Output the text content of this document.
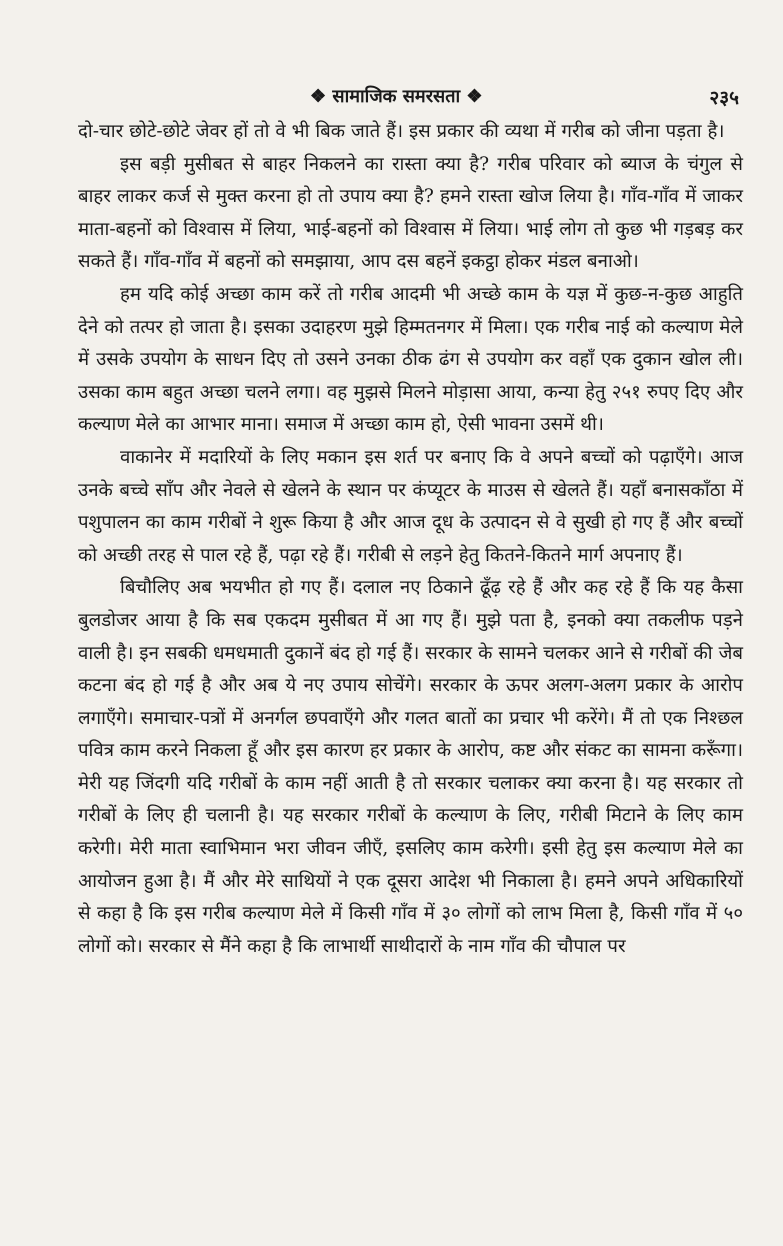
❖ सामाजिक समरसता ❖	२३५

दो-चार छोटे-छोटे जेवर हों तो वे भी बिक जाते हैं। इस प्रकार की व्यथा में गरीब को जीना पड़ता है।

इस बड़ी मुसीबत से बाहर निकलने का रास्ता क्या है? गरीब परिवार को ब्याज के चंगुल से बाहर लाकर कर्ज से मुक्त करना हो तो उपाय क्या है? हमने रास्ता खोज लिया है। गाँव-गाँव में जाकर माता-बहनों को विश्वास में लिया, भाई-बहनों को विश्वास में लिया। भाई लोग तो कुछ भी गड़बड़ कर सकते हैं। गाँव-गाँव में बहनों को समझाया, आप दस बहनें इकट्ठा होकर मंडल बनाओ।

हम यदि कोई अच्छा काम करें तो गरीब आदमी भी अच्छे काम के यज्ञ में कुछ-न-कुछ आहुति देने को तत्पर हो जाता है। इसका उदाहरण मुझे हिम्मतनगर में मिला। एक गरीब नाई को कल्याण मेले में उसके उपयोग के साधन दिए तो उसने उनका ठीक ढंग से उपयोग कर वहाँ एक दुकान खोल ली। उसका काम बहुत अच्छा चलने लगा। वह मुझसे मिलने मोड़ासा आया, कन्या हेतु २५१ रुपए दिए और कल्याण मेले का आभार माना। समाज में अच्छा काम हो, ऐसी भावना उसमें थी।

वाकानेर में मदारियों के लिए मकान इस शर्त पर बनाए कि वे अपने बच्चों को पढ़ाएँगे। आज उनके बच्चे साँप और नेवले से खेलने के स्थान पर कंप्यूटर के माउस से खेलते हैं। यहाँ बनासकाँठा में पशुपालन का काम गरीबों ने शुरू किया है और आज दूध के उत्पादन से वे सुखी हो गए हैं और बच्चों को अच्छी तरह से पाल रहे हैं, पढ़ा रहे हैं। गरीबी से लड़ने हेतु कितने-कितने मार्ग अपनाए हैं।

बिचौलिए अब भयभीत हो गए हैं। दलाल नए ठिकाने ढूँढ़ रहे हैं और कह रहे हैं कि यह कैसा बुलडोजर आया है कि सब एकदम मुसीबत में आ गए हैं। मुझे पता है, इनको क्या तकलीफ पड़ने वाली है। इन सबकी धमधमाती दुकानें बंद हो गई हैं। सरकार के सामने चलकर आने से गरीबों की जेब कटना बंद हो गई है और अब ये नए उपाय सोचेंगे। सरकार के ऊपर अलग-अलग प्रकार के आरोप लगाएँगे। समाचार-पत्रों में अनर्गल छपवाएँगे और गलत बातों का प्रचार भी करेंगे। मैं तो एक निश्छल पवित्र काम करने निकला हूँ और इस कारण हर प्रकार के आरोप, कष्ट और संकट का सामना करूँगा। मेरी यह जिंदगी यदि गरीबों के काम नहीं आती है तो सरकार चलाकर क्या करना है। यह सरकार तो गरीबों के लिए ही चलानी है। यह सरकार गरीबों के कल्याण के लिए, गरीबी मिटाने के लिए काम करेगी। मेरी माता स्वाभिमान भरा जीवन जीएँ, इसलिए काम करेगी। इसी हेतु इस कल्याण मेले का आयोजन हुआ है। मैं और मेरे साथियों ने एक दूसरा आदेश भी निकाला है। हमने अपने अधिकारियों से कहा है कि इस गरीब कल्याण मेले में किसी गाँव में ३० लोगों को लाभ मिला है, किसी गाँव में ५० लोगों को। सरकार से मैंने कहा है कि लाभार्थी साथीदारों के नाम गाँव की चौपाल पर
